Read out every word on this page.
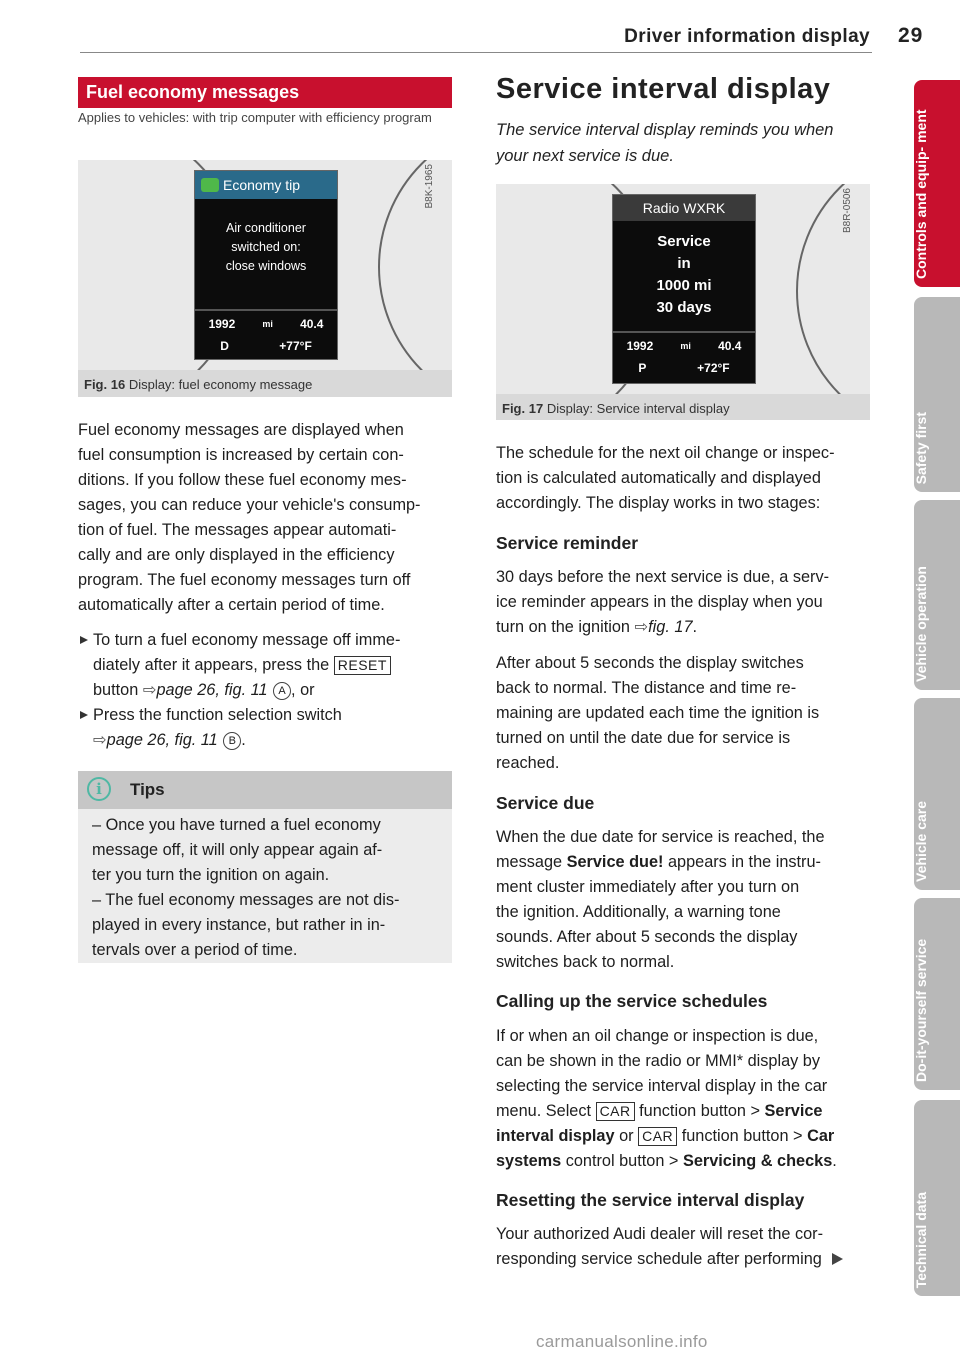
Driver information display 29
Fuel economy messages
Applies to vehicles: with trip computer with efficiency program
Economy tip
Air conditioner
switched on:
close windows
1992	mi 40.4
D	+77°F
B8K-1965
Fig. 16 Display: fuel economy message

Fuel economy messages are displayed when

fuel consumption is increased by certain con-

ditions. If you follow these fuel economy mes-

sages, you can reduce your vehicle's consump-

tion of fuel. The messages appear automati-

cally and are only displayed in the efficiency

program. The fuel economy messages turn off

automatically after a certain period of time.

To turn a fuel economy message off imme-
diately after it appears, press the RESET
button ⇨page 26, fig. 11 A , or
Press the function selection switch
⇨page 26, fig. 11 B .
i	Tips
– Once you have turned a fuel economy
message off, it will only appear again af-
ter you turn the ignition on again.
– The fuel economy messages are not dis-
played in every instance, but rather in in-
tervals over a period of time.
Service interval display
The service interval display reminds you when
your next service is due.
Radio WXRK
Service
in
1000 mi
30 days
1992	mi 40.4
P	+72°F
B8R-0506
Fig. 17 Display: Service interval display

The schedule for the next oil change or inspec-

tion is calculated automatically and displayed

accordingly. The display works in two stages:

Service reminder

30 days before the next service is due, a serv-

ice reminder appears in the display when you

turn on the ignition ⇨fig. 17.

After about 5 seconds the display switches

back to normal. The distance and time re-

maining are updated each time the ignition is

turned on until the date due for service is

reached.

Service due

When the due date for service is reached, the

message Service due! appears in the instru-

ment cluster immediately after you turn on

the ignition. Additionally, a warning tone

sounds. After about 5 seconds the display

switches back to normal.

Calling up the service schedules

If or when an oil change or inspection is due,

can be shown in the radio or MMI* display by

selecting the service interval display in the car

menu. Select CAR function button > Service

interval display or CAR function button > Car

systems control button > Servicing & checks.

Resetting the service interval display

Your authorized Audi dealer will reset the cor-

responding service schedule after performing

Controls and equip- ment
Safety first
Vehicle operation
Vehicle care
Do-it-yourself service
Technical data
carmanualsonline.info
